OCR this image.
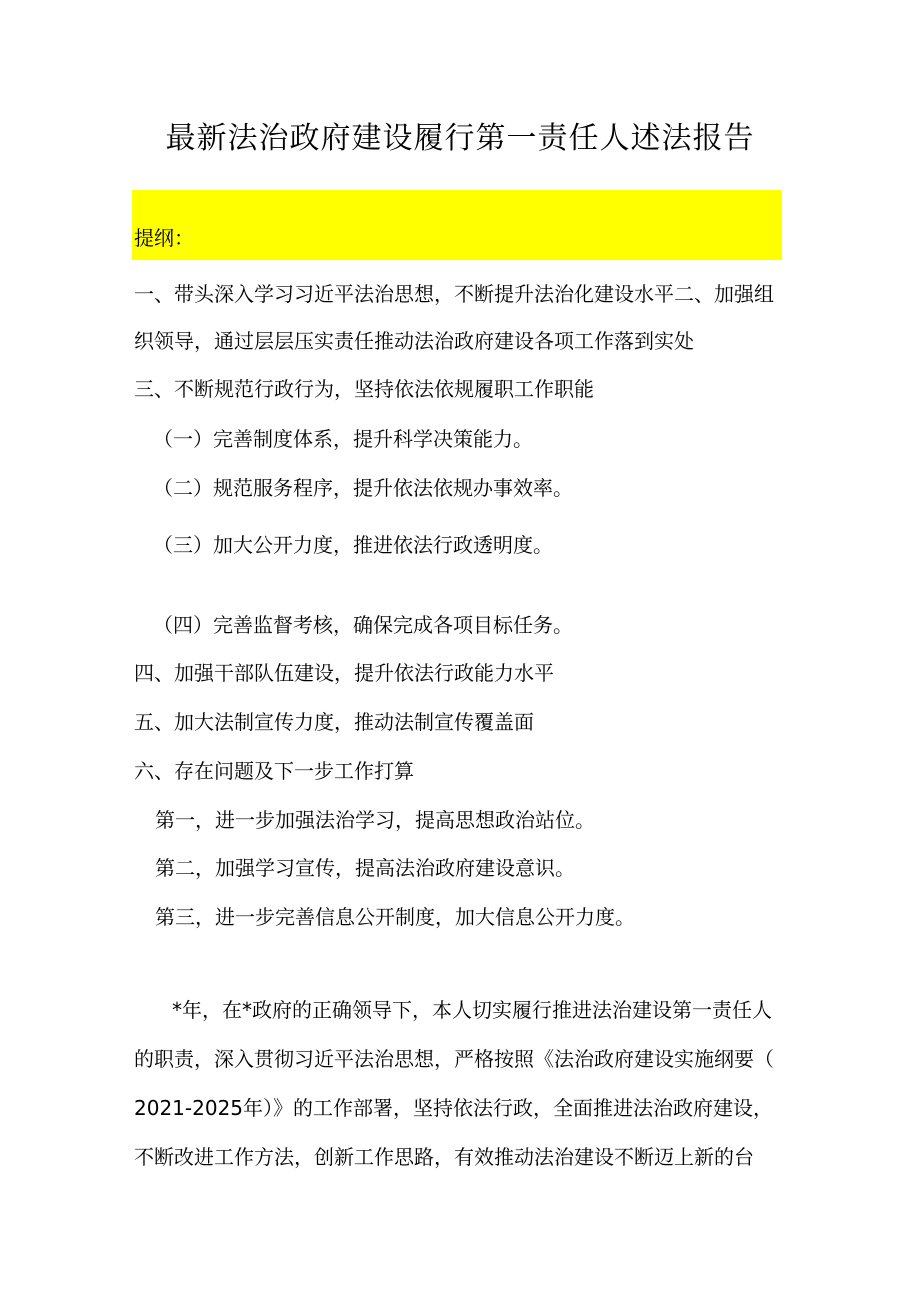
最新法治政府建设履行第一责任人述法报告
提纲：
一、带头深入学习习近平法治思想，不断提升法治化建设水平二、加强组
织领导，通过层层压实责任推动法治政府建设各项工作落到实处
三、不断规范行政行为，坚持依法依规履职工作职能
（一）完善制度体系，提升科学决策能力。
（二）规范服务程序，提升依法依规办事效率。
（三）加大公开力度，推进依法行政透明度。
（四）完善监督考核，确保完成各项目标任务。
四、加强干部队伍建设，提升依法行政能力水平
五、加大法制宣传力度，推动法制宣传覆盖面
六、存在问题及下一步工作打算
第一，进一步加强法治学习，提高思想政治站位。
第二，加强学习宣传，提高法治政府建设意识。
第三，进一步完善信息公开制度，加大信息公开力度。
*年，在*政府的正确领导下，本人切实履行推进法治建设第一责任人
的职责，深入贯彻习近平法治思想，严格按照《法治政府建设实施纲要（
2021-2025年）》的工作部署，坚持依法行政，全面推进法治政府建设，
不断改进工作方法，创新工作思路，有效推动法治建设不断迈上新的台
